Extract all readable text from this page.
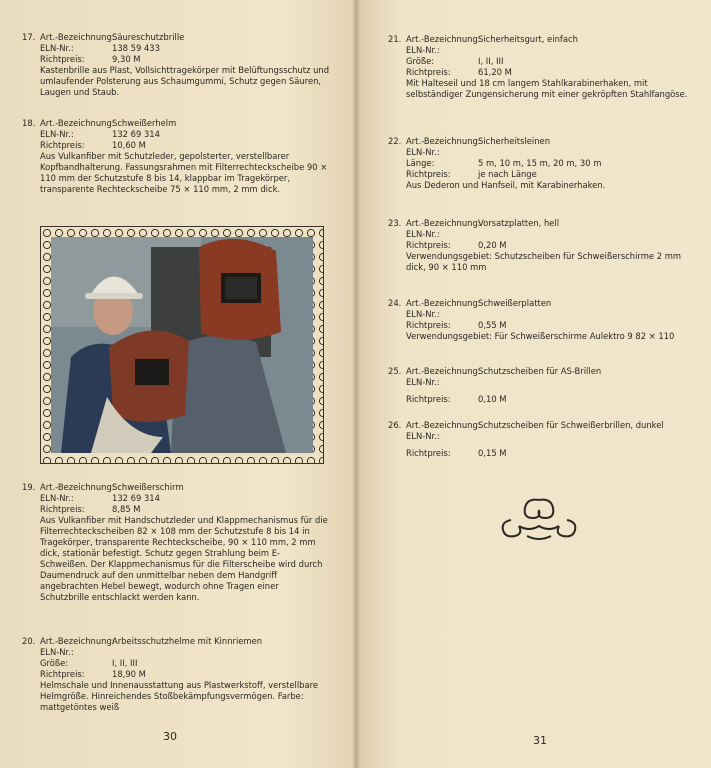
17. Art.-Bezeichnung:
Säureschutzbrille
ELN-Nr.:	138 59 433
Richtpreis:	9,30 M
Kastenbrille aus Plast, Vollsichttragekörper mit Belüftungsschutz und umlaufender Polsterung aus Schaumgummi, Schutz gegen Säuren, Laugen und Staub.
18. Art.-Bezeichnung:
Schweißerhelm
ELN-Nr.:	132 69 314
Richtpreis:	10,60 M
Aus Vulkanfiber mit Schutzleder, gepolsterter, verstellbarer Kopfbandhalterung. Fassungsrahmen mit Filterrechteckscheibe 90 × 110 mm der Schutzstufe 8 bis 14, klappbar im Tragekörper, transparente Rechteckscheibe 75 × 110 mm, 2 mm dick.
19. Art.-Bezeichnung:
Schweißerschirm
ELN-Nr.:	132 69 314
Richtpreis:	8,85 M
Aus Vulkanfiber mit Handschutzleder und Klappmechanismus für die Filterrechteckscheiben 82 × 108 mm der Schutzstufe 8 bis 14 in Tragekörper, transparente Rechteckscheibe, 90 × 110 mm, 2 mm dick, stationär befestigt. Schutz gegen Strahlung beim E-Schweißen. Der Klappmechanismus für die Filterscheibe wird durch Daumendruck auf den unmittelbar neben dem Handgriff angebrachten Hebel bewegt, wodurch ohne Tragen einer Schutzbrille entschlackt werden kann.
20. Art.-Bezeichnung:
Arbeitsschutzhelme mit Kinnriemen
ELN-Nr.:
Größe:	I, II, III
Richtpreis:	18,90 M
Helmschale und Innenausstattung aus Plastwerkstoff, verstellbare Helmgröße. Hinreichendes Stoßbekämpfungsvermögen. Farbe: mattgetöntes weiß
30
21. Art.-Bezeichnung:
Sicherheitsgurt, einfach
ELN-Nr.:
Größe:	I, II, III
Richtpreis:	61,20 M
Mit Halteseil und 18 cm langem Stahlkarabinerhaken, mit selbständiger Zungensicherung mit einer gekröpften Stahlfangöse.
22. Art.-Bezeichnung:
Sicherheitsleinen
ELN-Nr.:
Länge:	5 m, 10 m, 15 m, 20 m, 30 m
Richtpreis:	je nach Länge
Aus Dederon und Hanfseil, mit Karabinerhaken.
23. Art.-Bezeichnung:
Vorsatzplatten, hell
ELN-Nr.:
Richtpreis:	0,20 M
Verwendungsgebiet: Schutzscheiben für Schweißerschirme 2 mm dick, 90 × 110 mm
24. Art.-Bezeichnung:
Schweißerplatten
ELN-Nr.:
Richtpreis:	0,55 M
Verwendungsgebiet: Für Schweißerschirme Aulektro 9 82 × 110
25. Art.-Bezeichnung:
Schutzscheiben für AS-Brillen
ELN-Nr.:
Richtpreis:	0,10 M
26. Art.-Bezeichnung:
Schutzscheiben für Schweißerbrillen, dunkel
ELN-Nr.:
Richtpreis:	0,15 M
31
